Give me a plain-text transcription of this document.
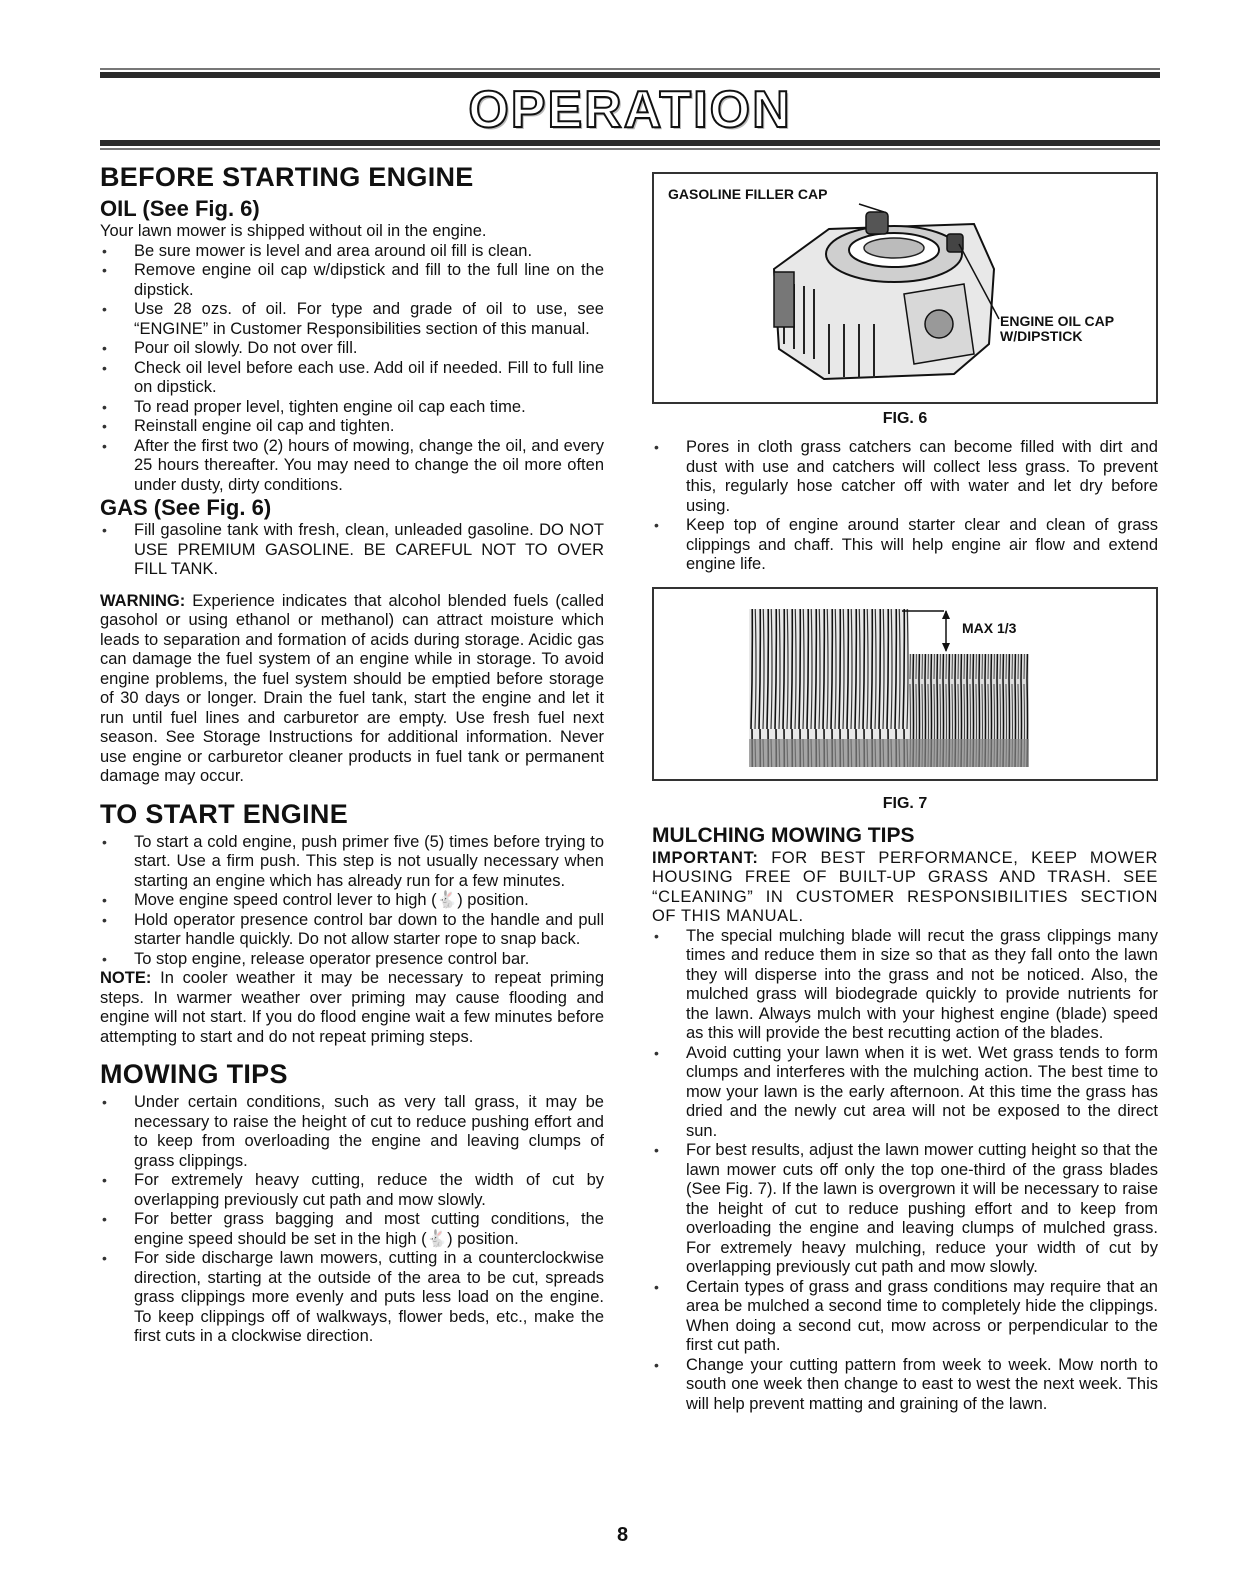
OPERATION
BEFORE STARTING ENGINE
OIL (See Fig. 6)

Your lawn mower is shipped without oil in the engine.

• Be sure mower is level and area around oil fill is clean.
• Remove engine oil cap w/dipstick and fill to the full line on the dipstick.
• Use 28 ozs. of oil. For type and grade of oil to use, see “ENGINE” in Customer Responsibilities section of this manual.
• Pour oil slowly. Do not over fill.
• Check oil level before each use. Add oil if needed. Fill to full line on dipstick.
• To read proper level, tighten engine oil cap each time.
• Reinstall engine oil cap and tighten.
• After the first two (2) hours of mowing, change the oil, and every 25 hours thereafter. You may need to change the oil more often under dusty, dirty conditions.
GAS (See Fig. 6)
• Fill gasoline tank with fresh, clean, unleaded gasoline. DO NOT USE PREMIUM GASOLINE. BE CAREFUL NOT TO OVER FILL TANK.

WARNING: Experience indicates that alcohol blended fuels (called gasohol or using ethanol or methanol) can attract moisture which leads to separation and formation of acids during storage. Acidic gas can damage the fuel system of an engine while in storage. To avoid engine problems, the fuel system should be emptied before storage of 30 days or longer. Drain the fuel tank, start the engine and let it run until fuel lines and carburetor are empty. Use fresh fuel next season. See Storage Instructions for additional information. Never use engine or carburetor cleaner products in fuel tank or permanent damage may occur.

TO START ENGINE
• To start a cold engine, push primer five (5) times before trying to start. Use a firm push. This step is not usually necessary when starting an engine which has already run for a few minutes.
• Move engine speed control lever to high (🐇) position.
• Hold operator presence control bar down to the handle and pull starter handle quickly. Do not allow starter rope to snap back.
• To stop engine, release operator presence control bar.

NOTE: In cooler weather it may be necessary to repeat priming steps. In warmer weather over priming may cause flooding and engine will not start. If you do flood engine wait a few minutes before attempting to start and do not repeat priming steps.

MOWING TIPS
• Under certain conditions, such as very tall grass, it may be necessary to raise the height of cut to reduce pushing effort and to keep from overloading the engine and leaving clumps of grass clippings.
• For extremely heavy cutting, reduce the width of cut by overlapping previously cut path and mow slowly.
• For better grass bagging and most cutting conditions, the engine speed should be set in the high (🐇) position.
• For side discharge lawn mowers, cutting in a counterclockwise direction, starting at the outside of the area to be cut, spreads grass clippings more evenly and puts less load on the engine. To keep clippings off of walkways, flower beds, etc., make the first cuts in a clockwise direction.
GASOLINE FILLER CAP
ENGINE OIL CAP
W/DIPSTICK
FIG. 6
• Pores in cloth grass catchers can become filled with dirt and dust with use and catchers will collect less grass. To prevent this, regularly hose catcher off with water and let dry before using.
• Keep top of engine around starter clear and clean of grass clippings and chaff. This will help engine air flow and extend engine life.
MAX 1/3
FIG. 7
MULCHING MOWING TIPS

IMPORTANT: FOR BEST PERFORMANCE, KEEP MOWER HOUSING FREE OF BUILT-UP GRASS AND TRASH. SEE “CLEANING” IN CUSTOMER RESPONSIBILITIES SECTION OF THIS MANUAL.

• The special mulching blade will recut the grass clippings many times and reduce them in size so that as they fall onto the lawn they will disperse into the grass and not be noticed. Also, the mulched grass will biodegrade quickly to provide nutrients for the lawn. Always mulch with your highest engine (blade) speed as this will provide the best recutting action of the blades.
• Avoid cutting your lawn when it is wet. Wet grass tends to form clumps and interferes with the mulching action. The best time to mow your lawn is the early afternoon. At this time the grass has dried and the newly cut area will not be exposed to the direct sun.
• For best results, adjust the lawn mower cutting height so that the lawn mower cuts off only the top one-third of the grass blades (See Fig. 7). If the lawn is overgrown it will be necessary to raise the height of cut to reduce pushing effort and to keep from overloading the engine and leaving clumps of mulched grass. For extremely heavy mulching, reduce your width of cut by overlapping previously cut path and mow slowly.
• Certain types of grass and grass conditions may require that an area be mulched a second time to completely hide the clippings. When doing a second cut, mow across or perpendicular to the first cut path.
• Change your cutting pattern from week to week. Mow north to south one week then change to east to west the next week. This will help prevent matting and graining of the lawn.
8
